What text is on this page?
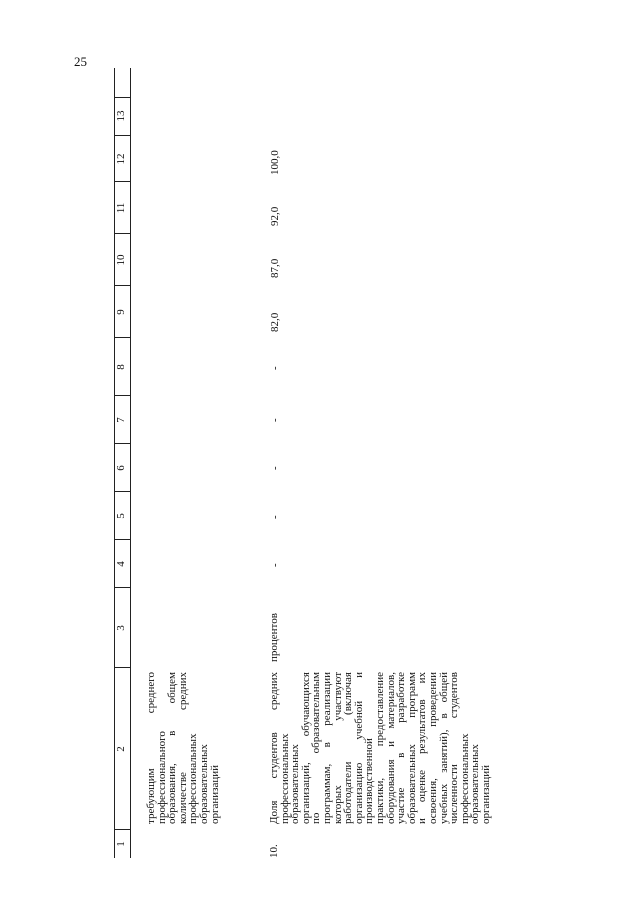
25
1
2
3
4
5
6
7
8
9
10
11
12
13
требующим среднего
профессионального
образования, в общем
количестве средних
профессиональных
образовательных
организаций
10.
Доля студентов средних
профессиональных
образовательных
организаций, обучающихся
по образовательным
программам, в реализации
которых участвуют
работодатели (включая
организацию учебной и
производственной
практики, предоставление
оборудования и материалов,
участие в разработке
образовательных программ
и оценке результатов их
освоения, проведении
учебных занятий), в общей
численности студентов
профессиональных
образовательных
организаций
процентов
-
-
-
-
-
82,0
87,0
92,0
100,0
